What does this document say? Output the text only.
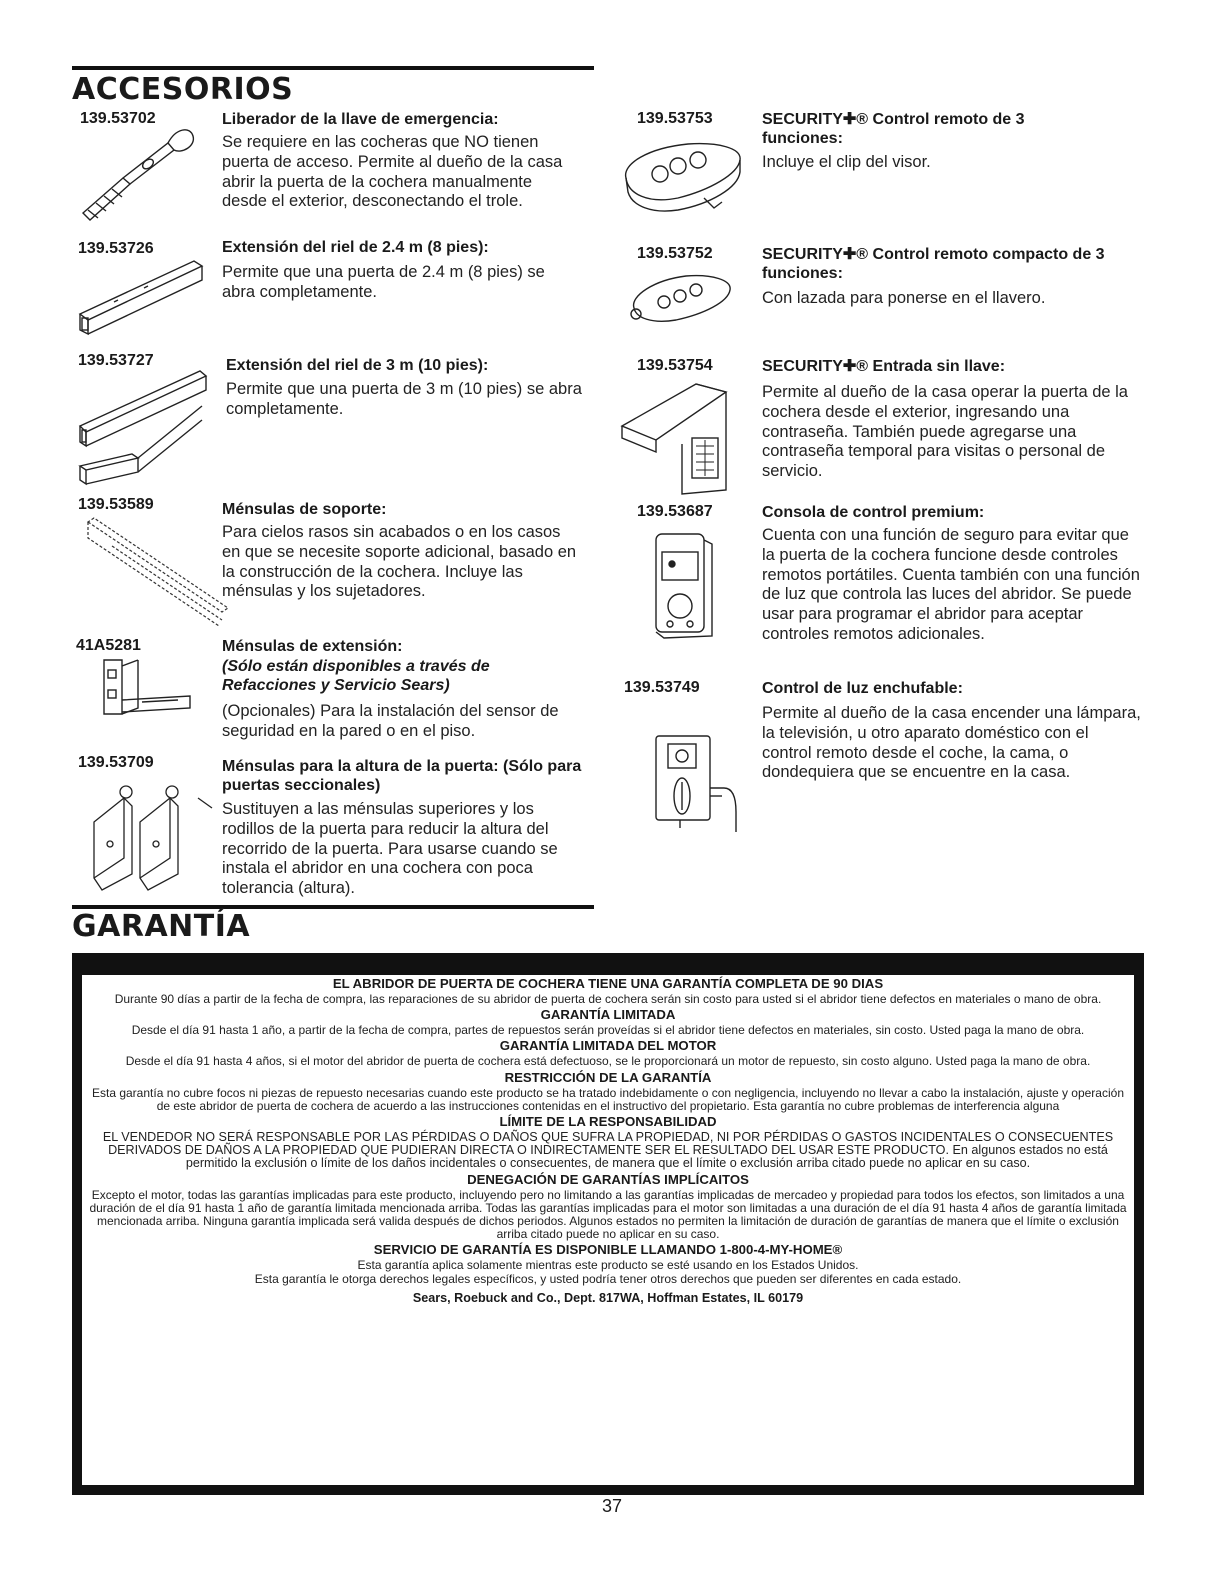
ACCESORIOS
139.53702	Liberador de la llave de emergencia:
Se requiere en las cocheras que NO tienen puerta de acceso. Permite al dueño de la casa abrir la puerta de la cochera manualmente desde el exterior, desconectando el trole.
139.53726	Extensión del riel de 2.4 m (8 pies):
Permite que una puerta de 2.4 m (8 pies) se abra completamente.
139.53727	Extensión del riel de 3 m (10 pies):
Permite que una puerta de 3 m (10 pies) se abra completamente.
139.53589	Ménsulas de soporte:
Para cielos rasos sin acabados o en los casos en que se necesite soporte adicional, basado en la construcción de la cochera. Incluye las ménsulas y los sujetadores.
41A5281	Ménsulas de extensión:
(Sólo están disponibles a través de Refacciones y Servicio Sears)
(Opcionales) Para la instalación del sensor de seguridad en la pared o en el piso.
139.53709	Ménsulas para la altura de la puerta: (Sólo para puertas seccionales)
Sustituyen a las ménsulas superiores y los rodillos de la puerta para reducir la altura del recorrido de la puerta. Para usarse cuando se instala el abridor en una cochera con poca tolerancia (altura).
139.53753	SECURITY✚® Control remoto de 3 funciones:
Incluye el clip del visor.
139.53752	SECURITY✚® Control remoto compacto de 3 funciones:
Con lazada para ponerse en el llavero.
139.53754	SECURITY✚® Entrada sin llave:
Permite al dueño de la casa operar la puerta de la cochera desde el exterior, ingresando una contraseña. También puede agregarse una contraseña temporal para visitas o personal de servicio.
139.53687	Consola de control premium:
Cuenta con una función de seguro para evitar que la puerta de la cochera funcione desde controles remotos portátiles. Cuenta también con una función de luz que controla las luces del abridor. Se puede usar para programar el abridor para aceptar controles remotos adicionales.
139.53749	Control de luz enchufable:
Permite al dueño de la casa encender una lámpara, la televisión, u otro aparato doméstico con el control remoto desde el coche, la cama, o dondequiera que se encuentre en la casa.
GARANTÍA
EL ABRIDOR DE PUERTA DE COCHERA TIENE UNA GARANTÍA COMPLETA DE 90 DIAS
Durante 90 días a partir de la fecha de compra, las reparaciones de su abridor de puerta de cochera serán sin costo para usted si el abridor tiene defectos en materiales o mano de obra.
GARANTÍA LIMITADA
Desde el día 91 hasta 1 año, a partir de la fecha de compra, partes de repuestos serán proveídas si el abridor tiene defectos en materiales, sin costo. Usted paga la mano de obra.
GARANTÍA LIMITADA DEL MOTOR
Desde el día 91 hasta 4 años, si el motor del abridor de puerta de cochera está defectuoso, se le proporcionará un motor de repuesto, sin costo alguno. Usted paga la mano de obra.
RESTRICCIÓN DE LA GARANTÍA
Esta garantía no cubre focos ni piezas de repuesto necesarias cuando este producto se ha tratado indebidamente o con negligencia, incluyendo no llevar a cabo la instalación, ajuste y operación de este abridor de puerta de cochera de acuerdo a las instrucciones contenidas en el instructivo del propietario. Esta garantía no cubre problemas de interferencia alguna
LÍMITE DE LA RESPONSABILIDAD
EL VENDEDOR NO SERÁ RESPONSABLE POR LAS PÉRDIDAS O DAÑOS QUE SUFRA LA PROPIEDAD, NI POR PÉRDIDAS O GASTOS INCIDENTALES O CONSECUENTES DERIVADOS DE DAÑOS A LA PROPIEDAD QUE PUDIERAN DIRECTA O INDIRECTAMENTE SER EL RESULTADO DEL USAR ESTE PRODUCTO. En algunos estados no está permitido la exclusión o límite de los daños incidentales o consecuentes, de manera que el límite o exclusión arriba citado puede no aplicar en su caso.
DENEGACIÓN DE GARANTÍAS IMPLÍCAITOS
Excepto el motor, todas las garantías implicadas para este producto, incluyendo pero no limitando a las garantías implicadas de mercadeo y propiedad para todos los efectos, son limitados a una duración de el día 91 hasta 1 año de garantía limitada mencionada arriba. Todas las garantías implicadas para el motor son limitadas a una duración de el día 91 hasta 4 años de garantía limitada mencionada arriba. Ninguna garantía implicada será valida después de dichos periodos. Algunos estados no permiten la limitación de duración de garantías de manera que el límite o exclusión arriba citado puede no aplicar en su caso.
SERVICIO DE GARANTÍA ES DISPONIBLE LLAMANDO 1-800-4-MY-HOME®
Esta garantía aplica solamente mientras este producto se esté usando en los Estados Unidos.
Esta garantía le otorga derechos legales específicos, y usted podría tener otros derechos que pueden ser diferentes en cada estado.
Sears, Roebuck and Co., Dept. 817WA, Hoffman Estates, IL 60179
37
